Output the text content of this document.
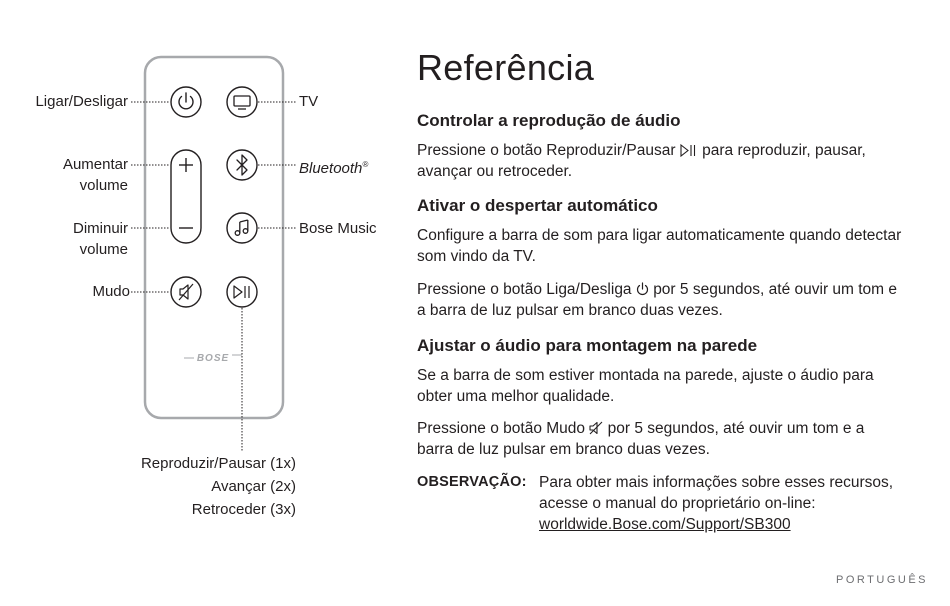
BOSE
Ligar/Desligar	TV
Aumentar
volume
Bluetooth®
Diminuir
volume
Bose Music
Mudo
Reproduzir/Pausar (1x)
Avançar (2x)
Retroceder (3x)
Referência
Controlar a reprodução de áudio
Pressione o botão Reproduzir/Pausar para reproduzir, pausar, avançar ou retroceder.
Ativar o despertar automático
Configure a barra de som para ligar automaticamente quando detectar som vindo da TV.
Pressione o botão Liga/Desliga por 5 segundos, até ouvir um tom e a barra de luz pulsar em branco duas vezes.
Ajustar o áudio para montagem na parede
Se a barra de som estiver montada na parede, ajuste o áudio para obter uma melhor qualidade.
Pressione o botão Mudo por 5 segundos, até ouvir um tom e a barra de luz pulsar em branco duas vezes.
OBSERVAÇÃO: Para obter mais informações sobre esses recursos, acesse o manual do proprietário on-line: worldwide.Bose.com/Support/SB300
PORTUGUÊS
